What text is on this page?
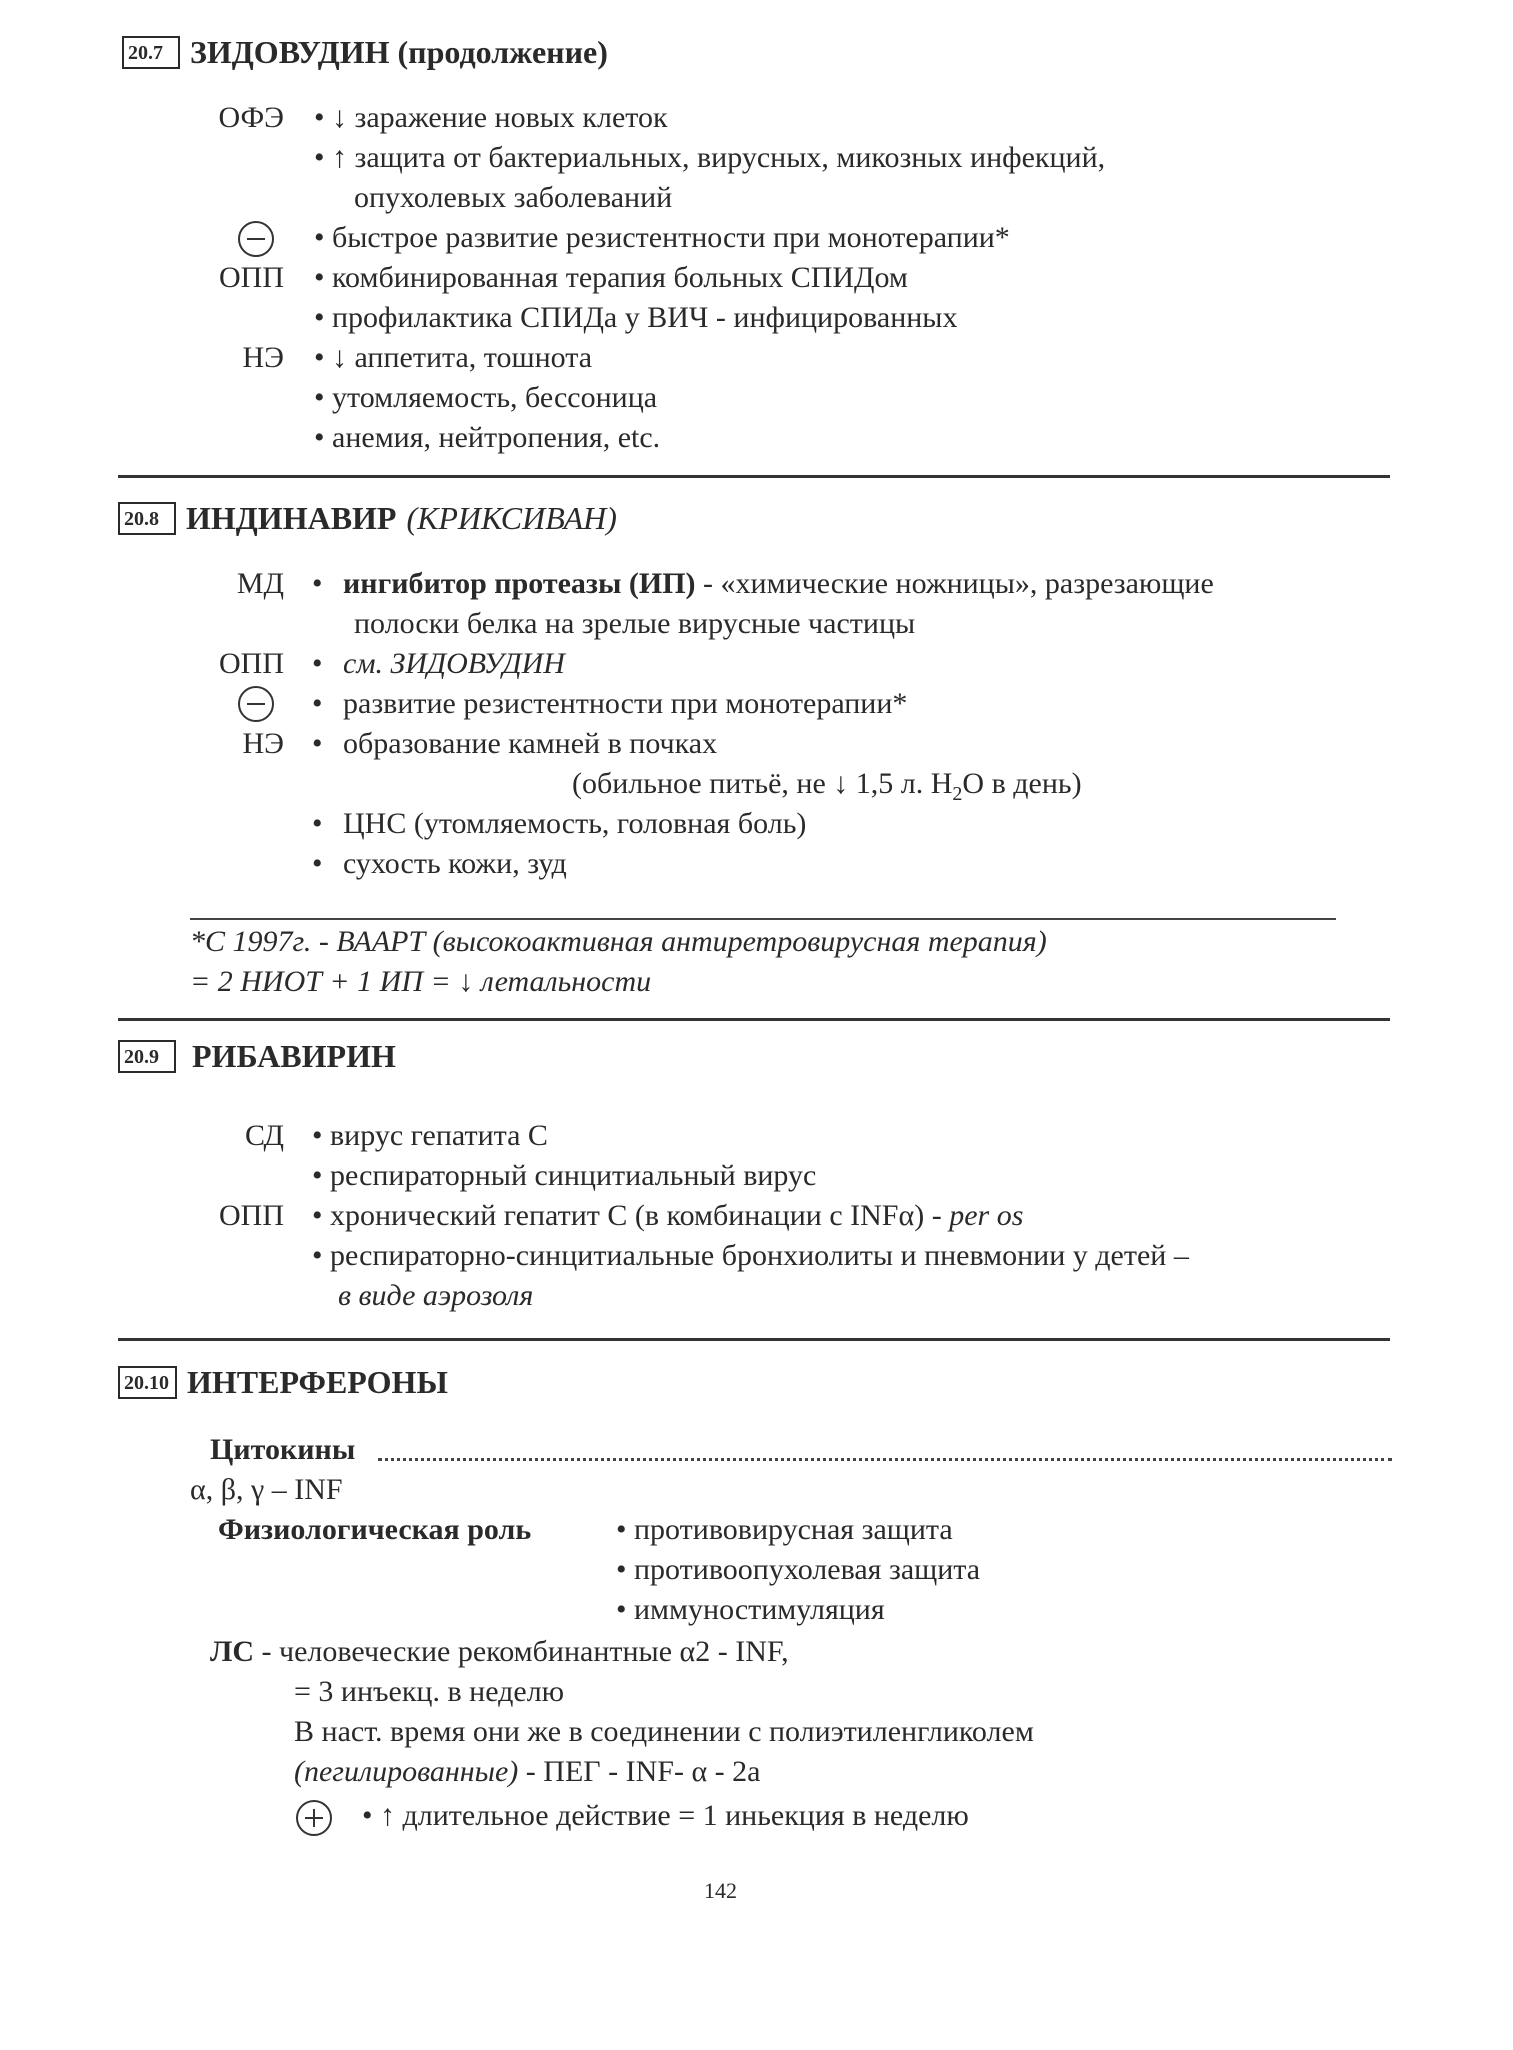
20.7 ЗИДОВУДИН (продолжение)
ОФЭ • ↓ заражение новых клеток
• ↑ защита от бактериальных, вирусных, микозных инфекций,
опухолевых заболеваний
• быстрое развитие резистентности при монотерапии*
ОПП • комбинированная терапия больных СПИДом
• профилактика СПИДа у ВИЧ - инфицированных
НЭ • ↓ аппетита, тошнота
• утомляемость, бессоница
• анемия, нейтропения, etc.
20.8 ИНДИНАВИР (КРИКСИВАН)
МД • ингибитор протеазы (ИП) - «химические ножницы», разрезающие
полоски белка на зрелые вирусные частицы
ОПП • см. ЗИДОВУДИН
• развитие резистентности при монотерапии*
НЭ • образование камней в почках
(обильное питьё, не ↓ 1,5 л. $H_2O$ в день)
• ЦНС (утомляемость, головная боль)
• сухость кожи, зуд
*С 1997г. - ВААРТ (высокоактивная антиретровирусная терапия)
= 2 НИОТ + 1 ИП = ↓ летальности
20.9	РИБАВИРИН
СД • вирус гепатита С
• респираторный синцитиальный вирус
ОПП • хронический гепатит С (в комбинации с INFα) - per os
• респираторно-синцитиальные бронхиолиты и пневмонии у детей –
в виде аэрозоля
20.10 ИНТЕРФЕРОНЫ
Цитокины
α, β, γ – INF
Физиологическая роль	• противовирусная защита
• противоопухолевая защита
• иммуностимуляция
ЛС - человеческие рекомбинантные α2 - INF,
= 3 инъекц. в неделю
В наст. время они же в соединении с полиэтиленгликолем
(пегилированные) - ПЕГ - INF- α - 2а
• ↑ длительное действие = 1 иньекция в неделю
142
